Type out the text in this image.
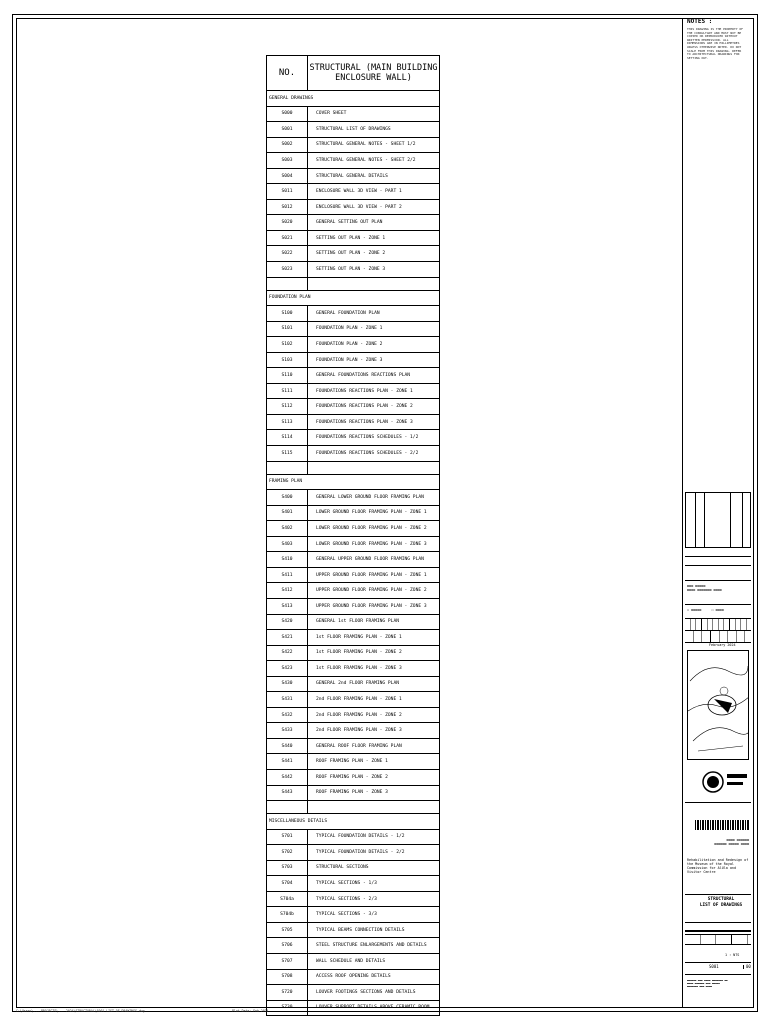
NO.	STRUCTURAL (MAIN BUILDING ENCLOSURE WALL)
GENERAL DRAWINGS	
S000	COVER SHEET
S001	STRUCTURAL LIST OF DRAWINGS
S002	STRUCTURAL GENERAL NOTES - SHEET 1/2
S003	STRUCTURAL GENERAL NOTES - SHEET 2/2
S004	STRUCTURAL GENERAL DETAILS
S011	ENCLOSURE WALL 3D VIEW - PART 1
S012	ENCLOSURE WALL 3D VIEW - PART 2
S020	GENERAL SETTING OUT PLAN
S021	SETTING OUT PLAN - ZONE 1
S022	SETTING OUT PLAN - ZONE 2
S023	SETTING OUT PLAN - ZONE 3

FOUNDATION PLAN	
S100	GENERAL FOUNDATION PLAN
S101	FOUNDATION PLAN - ZONE 1
S102	FOUNDATION PLAN - ZONE 2
S103	FOUNDATION PLAN - ZONE 3
S110	GENERAL FOUNDATIONS REACTIONS PLAN
S111	FOUNDATIONS REACTIONS PLAN - ZONE 1
S112	FOUNDATIONS REACTIONS PLAN - ZONE 2
S113	FOUNDATIONS REACTIONS PLAN - ZONE 3
S114	FOUNDATIONS REACTIONS SCHEDULES - 1/2
S115	FOUNDATIONS REACTIONS SCHEDULES - 2/2

FRAMING PLAN	
S400	GENERAL LOWER GROUND FLOOR FRAMING PLAN
S401	LOWER GROUND FLOOR FRAMING PLAN - ZONE 1
S402	LOWER GROUND FLOOR FRAMING PLAN - ZONE 2
S403	LOWER GROUND FLOOR FRAMING PLAN - ZONE 3
S410	GENERAL UPPER GROUND FLOOR FRAMING PLAN
S411	UPPER GROUND FLOOR FRAMING PLAN - ZONE 1
S412	UPPER GROUND FLOOR FRAMING PLAN - ZONE 2
S413	UPPER GROUND FLOOR FRAMING PLAN - ZONE 3
S420	GENERAL 1st FLOOR FRAMING PLAN
S421	1st FLOOR FRAMING PLAN - ZONE 1
S422	1st FLOOR FRAMING PLAN - ZONE 2
S423	1st FLOOR FRAMING PLAN - ZONE 3
S430	GENERAL 2nd FLOOR FRAMING PLAN
S431	2nd FLOOR FRAMING PLAN - ZONE 1
S432	2nd FLOOR FRAMING PLAN - ZONE 2
S433	2nd FLOOR FRAMING PLAN - ZONE 3
S440	GENERAL ROOF FLOOR FRAMING PLAN
S441	ROOF FRAMING PLAN - ZONE 1
S442	ROOF FRAMING PLAN - ZONE 2
S443	ROOF FRAMING PLAN - ZONE 3

MISCELLANEOUS DETAILS	
S701	TYPICAL FOUNDATION DETAILS - 1/2
S702	TYPICAL FOUNDATION DETAILS - 2/2
S703	STRUCTURAL SECTIONS
S704	TYPICAL SECTIONS - 1/3
S704a	TYPICAL SECTIONS - 2/3
S704b	TYPICAL SECTIONS - 3/3
S705	TYPICAL BEAMS CONNECTION DETAILS
S706	STEEL STRUCTURE ENLARGEMENTS AND DETAILS
S707	WALL SCHEDULE AND DETAILS
S708	ACCESS ROOF OPENING DETAILS
S720	LOUVER FOOTINGS SECTIONS AND DETAILS
S730	LOUVER SUPPORT DETAILS ABOVE CERAMIC ROOM
NOTES :
THIS DRAWING IS THE PROPERTY OF THE CONSULTANT AND MUST NOT BE COPIED OR REPRODUCED WITHOUT WRITTEN PERMISSION. ALL DIMENSIONS ARE IN MILLIMETRES UNLESS OTHERWISE NOTED. DO NOT SCALE FROM THIS DRAWING. REFER TO ARCHITECTURAL DRAWINGS FOR SETTING OUT.
▬▬▬ ▬▬▬▬▬
▬▬▬▬ ▬▬▬▬▬▬▬ ▬▬▬▬
☐ ▬▬▬▬▬     ☐ ▬▬▬▬
February 2024
▬▬▬▬ ▬▬▬▬▬▬
▬▬▬▬▬▬ ▬▬▬▬▬ ▬▬▬▬
Rehabilitation and Redesign of the Museum of the Royal Commission for AlUla and Visitor Centre
STRUCTURAL
LIST OF DRAWINGS
1 : NTS
S001	00
▬▬▬▬▬▬ ▬▬▬ ▬▬▬▬ ▬▬▬▬▬▬▬ ▬▬
▬▬▬▬ ▬▬▬▬▬▬ ▬▬▬ ▬▬▬▬▬
▬▬▬▬▬▬▬ ▬▬▬ ▬▬▬▬
C:\Users\... PROJECTS\... 2024\STRUCTURAL\S001 LIST OF DRAWINGS.dwg	Plot Date: Feb 2024
